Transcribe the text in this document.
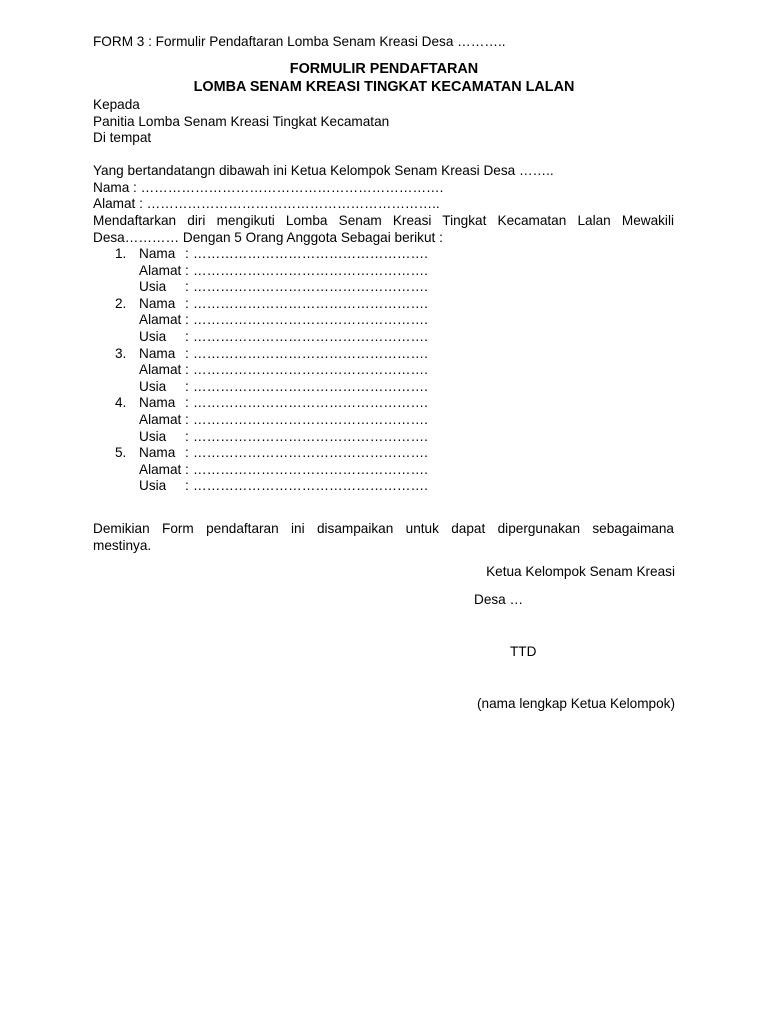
FORM 3 : Formulir Pendaftaran Lomba Senam Kreasi Desa ………..
FORMULIR PENDAFTARAN
LOMBA SENAM KREASI TINGKAT KECAMATAN LALAN
Kepada
Panitia Lomba Senam Kreasi Tingkat Kecamatan
Di tempat
Yang bertandatangn dibawah ini Ketua Kelompok Senam Kreasi Desa ……..
Nama : ………………………………………………………….
Alamat : ………………………………………………………..
Mendaftarkan diri mengikuti Lomba Senam Kreasi Tingkat Kecamatan Lalan Mewakili
Desa………… Dengan 5 Orang Anggota Sebagai berikut :
1. Nama : …………………………………………….
Alamat : …………………………………………….
Usia : …………………………………………….
2. Nama : …………………………………………….
Alamat : …………………………………………….
Usia : …………………………………………….
3. Nama : …………………………………………….
Alamat : …………………………………………….
Usia : …………………………………………….
4. Nama : …………………………………………….
Alamat : …………………………………………….
Usia : …………………………………………….
5. Nama : …………………………………………….
Alamat : …………………………………………….
Usia : …………………………………………….
Demikian Form pendaftaran ini disampaikan untuk dapat dipergunakan sebagaimana
mestinya.
Ketua Kelompok Senam Kreasi
Desa …
TTD
(nama lengkap Ketua Kelompok)
